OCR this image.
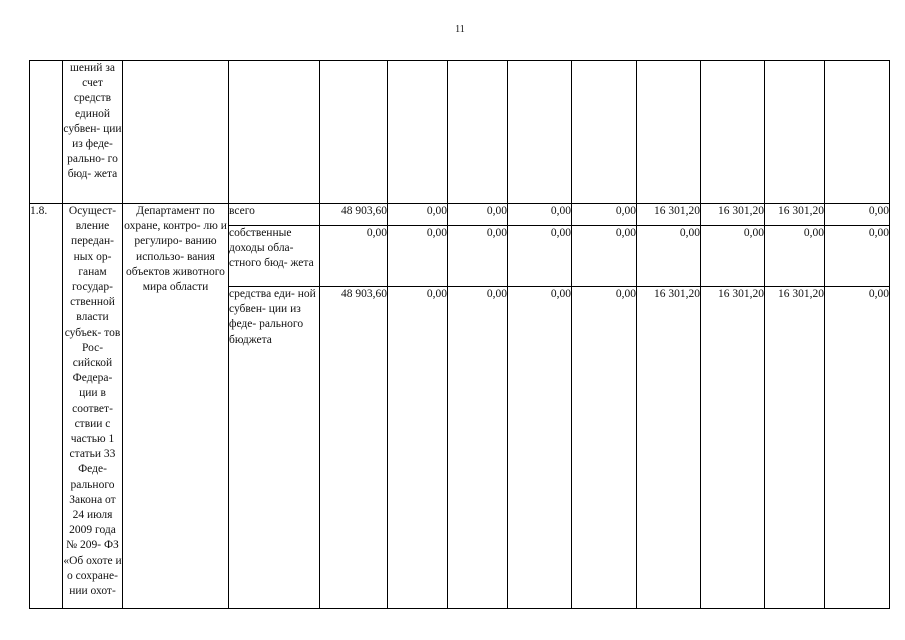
11
	шений за счет средств единой субвен- ции из феде- рально- го бюд- жета											
1.8.	Осущест- вление передан- ных ор- ганам государ- ственной власти субъек- тов Рос- сийской Федера- ции в соответ- ствии с частью 1 статьи 33 Феде- рального Закона от 24 июля 2009 года № 209- ФЗ «Об охоте и о сохране- нии охот-	Департамент по охране, контро- лю и регулиро- ванию использо- вания объектов животного мира области	всего	48 903,60	0,00	0,00	0,00	0,00	16 301,20	16 301,20	16 301,20	0,00
			собственные доходы обла- стного бюд- жета	0,00	0,00	0,00	0,00	0,00	0,00	0,00	0,00	0,00
			средства еди- ной субвен- ции из феде- рального бюджета	48 903,60	0,00	0,00	0,00	0,00	16 301,20	16 301,20	16 301,20	0,00
